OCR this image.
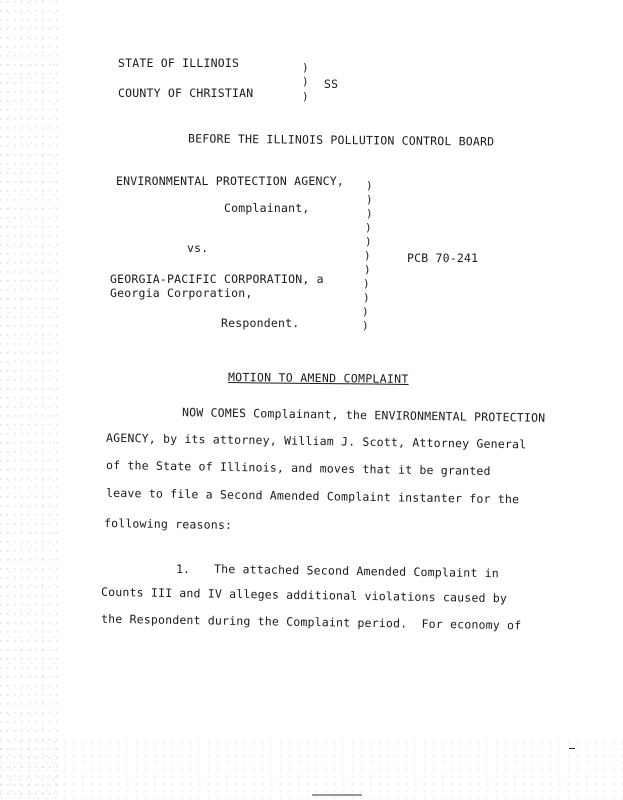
STATE OF ILLINOIS
COUNTY OF CHRISTIAN
)
)
)
SS
BEFORE THE ILLINOIS POLLUTION CONTROL BOARD
ENVIRONMENTAL PROTECTION AGENCY,
Complainant,
vs.
GEORGIA-PACIFIC CORPORATION, a
Georgia Corporation,
Respondent.
PCB 70-241
)
)
)
)
)
)
)
)
)
)
)
MOTION TO AMEND COMPLAINT
NOW COMES Complainant, the ENVIRONMENTAL PROTECTION
AGENCY, by its attorney, William J. Scott, Attorney General
of the State of Illinois, and moves that it be granted
leave to file a Second Amended Complaint instanter for the
following reasons:
1. The attached Second Amended Complaint in
Counts III and IV alleges additional violations caused by
the Respondent during the Complaint period.  For economy of
